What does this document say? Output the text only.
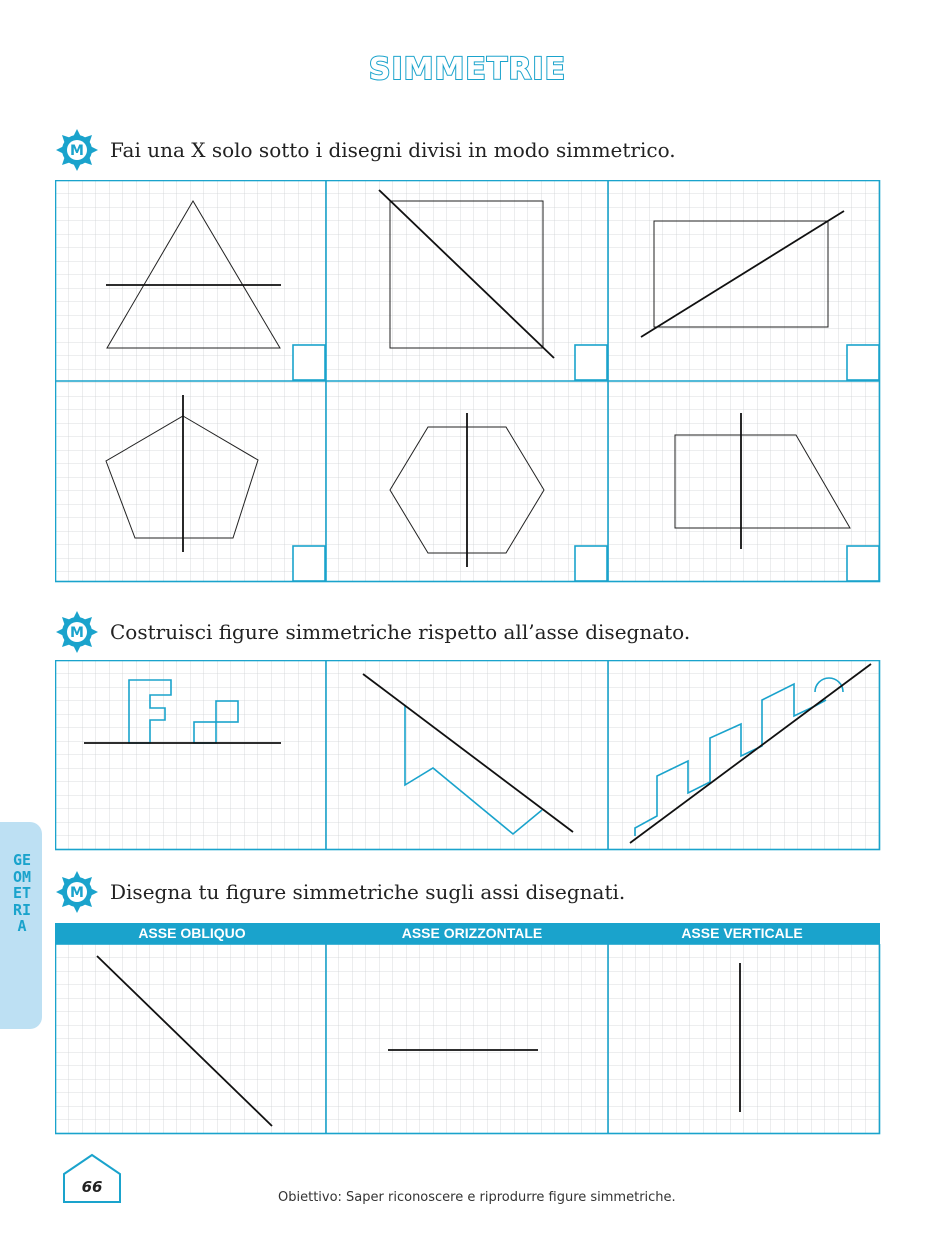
SIMMETRIE
M Fai una X solo sotto i disegni divisi in modo simmetrico.
M Costruisci figure simmetriche rispetto all’asse disegnato.
M Disegna tu figure simmetriche sugli assi disegnati.
ASSE OBLIQUO	ASSE ORIZZONTALE	ASSE VERTICALE
GEOMETRIA
66
Obiettivo: Saper riconoscere e riprodurre figure simmetriche.
